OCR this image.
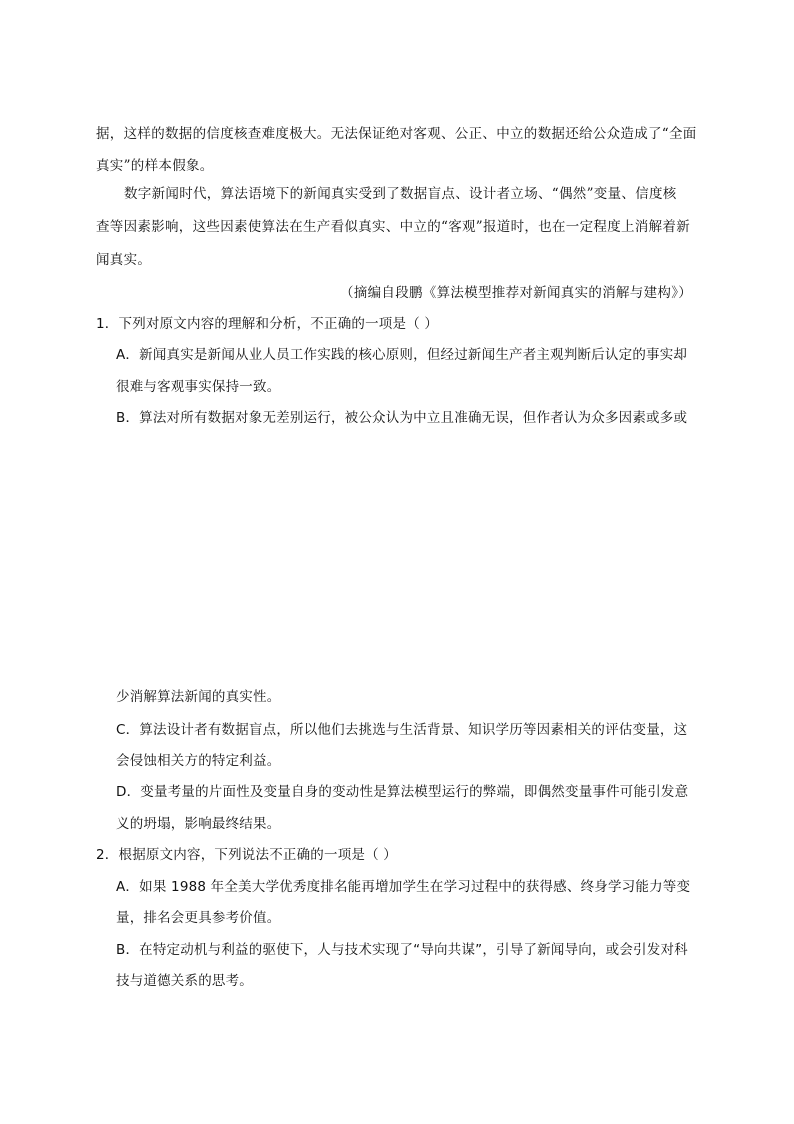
据，这样的数据的信度核查难度极大。无法保证绝对客观、公正、中立的数据还给公众造成了“全面
真实”的样本假象。
数字新闻时代，算法语境下的新闻真实受到了数据盲点、设计者立场、“偶然”变量、信度核
查等因素影响，这些因素使算法在生产看似真实、中立的“客观”报道时，也在一定程度上消解着新
闻真实。
（摘编自段鹏《算法模型推荐对新闻真实的消解与建构》）
1．下列对原文内容的理解和分析，不正确的一项是（ ）
A．新闻真实是新闻从业人员工作实践的核心原则，但经过新闻生产者主观判断后认定的事实却
很难与客观事实保持一致。
B．算法对所有数据对象无差别运行，被公众认为中立且准确无误，但作者认为众多因素或多或
少消解算法新闻的真实性。
C．算法设计者有数据盲点，所以他们去挑选与生活背景、知识学历等因素相关的评估变量，这
会侵蚀相关方的特定利益。
D．变量考量的片面性及变量自身的变动性是算法模型运行的弊端，即偶然变量事件可能引发意
义的坍塌，影响最终结果。
2．根据原文内容，下列说法不正确的一项是（ ）
A．如果 1988 年全美大学优秀度排名能再增加学生在学习过程中的获得感、终身学习能力等变
量，排名会更具参考价值。
B．在特定动机与利益的驱使下，人与技术实现了“导向共谋”，引导了新闻导向，或会引发对科
技与道德关系的思考。
